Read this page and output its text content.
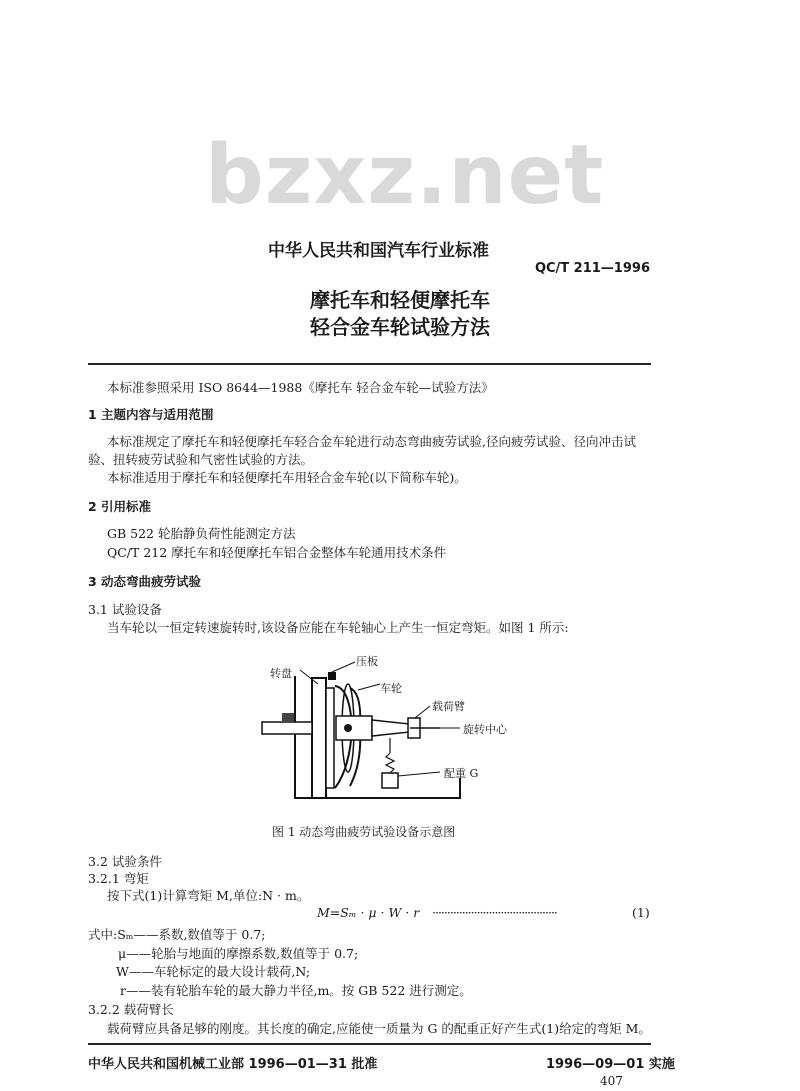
bzxz.net
中华人民共和国汽车行业标准
QC/T 211—1996
摩托车和轻便摩托车
轻合金车轮试验方法
本标准参照采用 ISO 8644—1988《摩托车 轻合金车轮—试验方法》
1 主题内容与适用范围
本标准规定了摩托车和轻便摩托车轻合金车轮进行动态弯曲疲劳试验,径向疲劳试验、径向冲击试
验、扭转疲劳试验和气密性试验的方法。
本标准适用于摩托车和轻便摩托车用轻合金车轮(以下简称车轮)。
2 引用标准
GB 522 轮胎静负荷性能测定方法
QC/T 212 摩托车和轻便摩托车铝合金整体车轮通用技术条件
3 动态弯曲疲劳试验
3.1 试验设备
当车轮以一恒定转速旋转时,该设备应能在车轮轴心上产生一恒定弯矩。如图 1 所示:
压板
转盘
车轮
载荷臂
旋转中心
配重 G
图 1 动态弯曲疲劳试验设备示意图
3.2 试验条件
3.2.1 弯矩
按下式(1)计算弯矩 M,单位:N · m。
M=Sₘ · μ · W · r ··········································	(1)
式中:Sₘ——系数,数值等于 0.7;
μ——轮胎与地面的摩擦系数,数值等于 0.7;
W——车轮标定的最大设计载荷,N;
r——装有轮胎车轮的最大静力半径,m。按 GB 522 进行测定。
3.2.2 载荷臂长
载荷臂应具备足够的刚度。其长度的确定,应能使一质量为 G 的配重正好产生式(1)给定的弯矩 M。
中华人民共和国机械工业部 1996—01—31 批准	1996—09—01 实施
407
